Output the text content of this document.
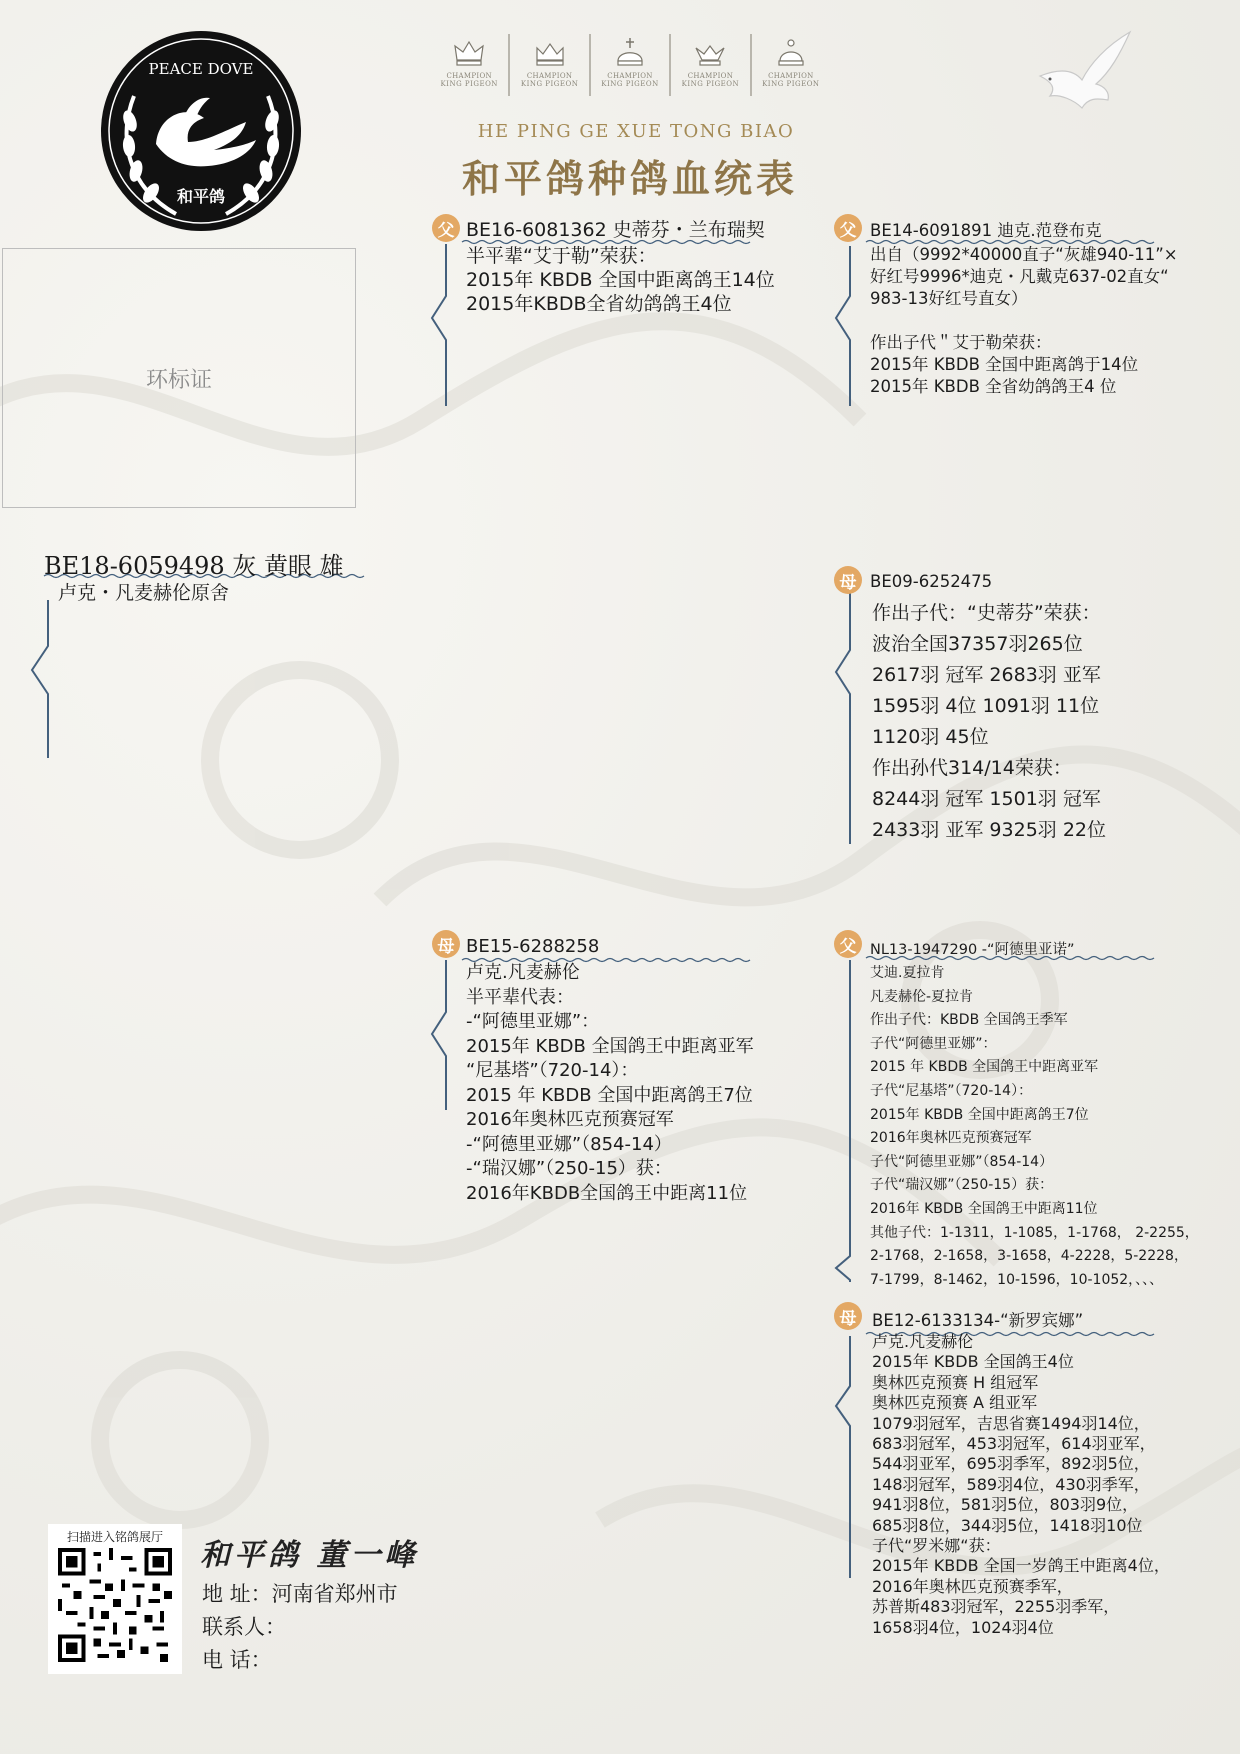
PEACE DOVE
和平鸽
CHAMPION
KING PIGEON
CHAMPION
KING PIGEON
CHAMPION
KING PIGEON
CHAMPION
KING PIGEON
CHAMPION
KING PIGEON
HE PING GE XUE TONG BIAO
和平鸽种鸽血统表
环标证
BE18-6059498 灰 黄眼 雄
卢克・凡麦赫伦原舍
父 BE16-6081362 史蒂芬・兰布瑞契
半平辈“艾于勒”荣获：
2015年 KBDB 全国中距离鸽王14位
2015年KBDB全省幼鸽鸽王4位
父 BE14-6091891 迪克.范登布克
出自（9992*40000直子“灰雄940-11”×
好红号9996*迪克・凡戴克637-02直女“
983-13好红号直女）
作出子代＂艾于勒荣获：
2015年 KBDB 全国中距离鸽于14位
2015年 KBDB 全省幼鸽鸽王4 位
母 BE09-6252475
作出子代：“史蒂芬”荣获：
波治全国37357羽265位
2617羽 冠军 2683羽 亚军
1595羽 4位 1091羽 11位
1120羽 45位
作出孙代314/14荣获：
8244羽 冠军 1501羽 冠军
2433羽 亚军 9325羽 22位
母 BE15-6288258
卢克.凡麦赫伦
半平辈代表：
-“阿德里亚娜”：
2015年 KBDB 全国鸽王中距离亚军
“尼基塔”（720-14）：
2015 年 KBDB 全国中距离鸽王7位
2016年奥林匹克预赛冠军
-“阿德里亚娜”（854-14）
-“瑞汉娜”（250-15）获：
2016年KBDB全国鸽王中距离11位
父 NL13-1947290 -“阿德里亚诺”
艾迪.夏拉肯
凡麦赫伦-夏拉肯
作出子代：KBDB 全国鸽王季军
子代“阿德里亚娜”：
2015 年 KBDB 全国鸽王中距离亚军
子代“尼基塔”（720-14）：
2015年 KBDB 全国中距离鸽王7位
2016年奥林匹克预赛冠军
子代“阿德里亚娜”（854-14）
子代“瑞汉娜”（250-15）获：
2016年 KBDB 全国鸽王中距离11位
其他子代：1-1311，1-1085，1-1768， 2-2255，
2-1768，2-1658，3-1658，4-2228，5-2228，
7-1799，8-1462，10-1596，10-1052，、、、
母 BE12-6133134-“新罗宾娜”
卢克.凡麦赫伦
2015年 KBDB 全国鸽王4位
奥林匹克预赛 H 组冠军
奥林匹克预赛 A 组亚军
1079羽冠军，吉思省赛1494羽14位，
683羽冠军，453羽冠军，614羽亚军，
544羽亚军，695羽季军，892羽5位，
148羽冠军，589羽4位，430羽季军，
941羽8位，581羽5位，803羽9位，
685羽8位，344羽5位，1418羽10位
子代“罗米娜“获：
2015年 KBDB 全国一岁鸽王中距离4位，
2016年奥林匹克预赛季军，
苏普斯483羽冠军，2255羽季军，
1658羽4位，1024羽4位
扫描进入铭鸽展厅
和平鸽 董一峰
地 址：河南省郑州市
联系人：
电 话：
